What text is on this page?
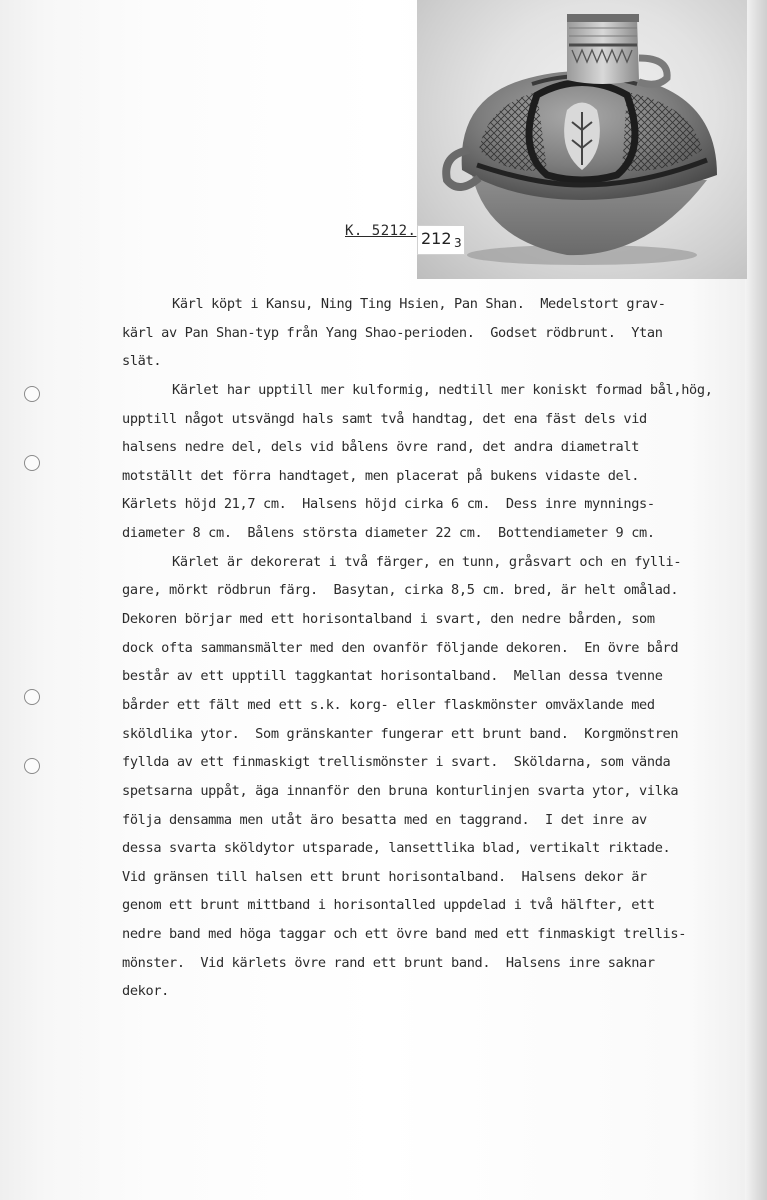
K. 5212. 212 3
Kärl köpt i Kansu, Ning Ting Hsien, Pan Shan.  Medelstort grav-
kärl av Pan Shan-typ från Yang Shao-perioden.  Godset rödbrunt.  Ytan
slät.
Kärlet har upptill mer kulformig, nedtill mer koniskt formad bål,hög,
upptill något utsvängd hals samt två handtag, det ena fäst dels vid
halsens nedre del, dels vid bålens övre rand, det andra diametralt
motställt det förra handtaget, men placerat på bukens vidaste del.
Kärlets höjd 21,7 cm.  Halsens höjd cirka 6 cm.  Dess inre mynnings-
diameter 8 cm.  Bålens största diameter 22 cm.  Bottendiameter 9 cm.
Kärlet är dekorerat i två färger, en tunn, gråsvart och en fylli-
gare, mörkt rödbrun färg.  Basytan, cirka 8,5 cm. bred, är helt omålad.
Dekoren börjar med ett horisontalband i svart, den nedre bården, som
dock ofta sammansmälter med den ovanför följande dekoren.  En övre bård
består av ett upptill taggkantat horisontalband.  Mellan dessa tvenne
bårder ett fält med ett s.k. korg- eller flaskmönster omväxlande med
sköldlika ytor.  Som gränskanter fungerar ett brunt band.  Korgmönstren
fyllda av ett finmaskigt trellismönster i svart.  Sköldarna, som vända
spetsarna uppåt, äga innanför den bruna konturlinjen svarta ytor, vilka
följa densamma men utåt äro besatta med en taggrand.  I det inre av
dessa svarta sköldytor utsparade, lansettlika blad, vertikalt riktade.
Vid gränsen till halsen ett brunt horisontalband.  Halsens dekor är
genom ett brunt mittband i horisontalled uppdelad i två hälfter, ett
nedre band med höga taggar och ett övre band med ett finmaskigt trellis-
mönster.  Vid kärlets övre rand ett brunt band.  Halsens inre saknar
dekor.
